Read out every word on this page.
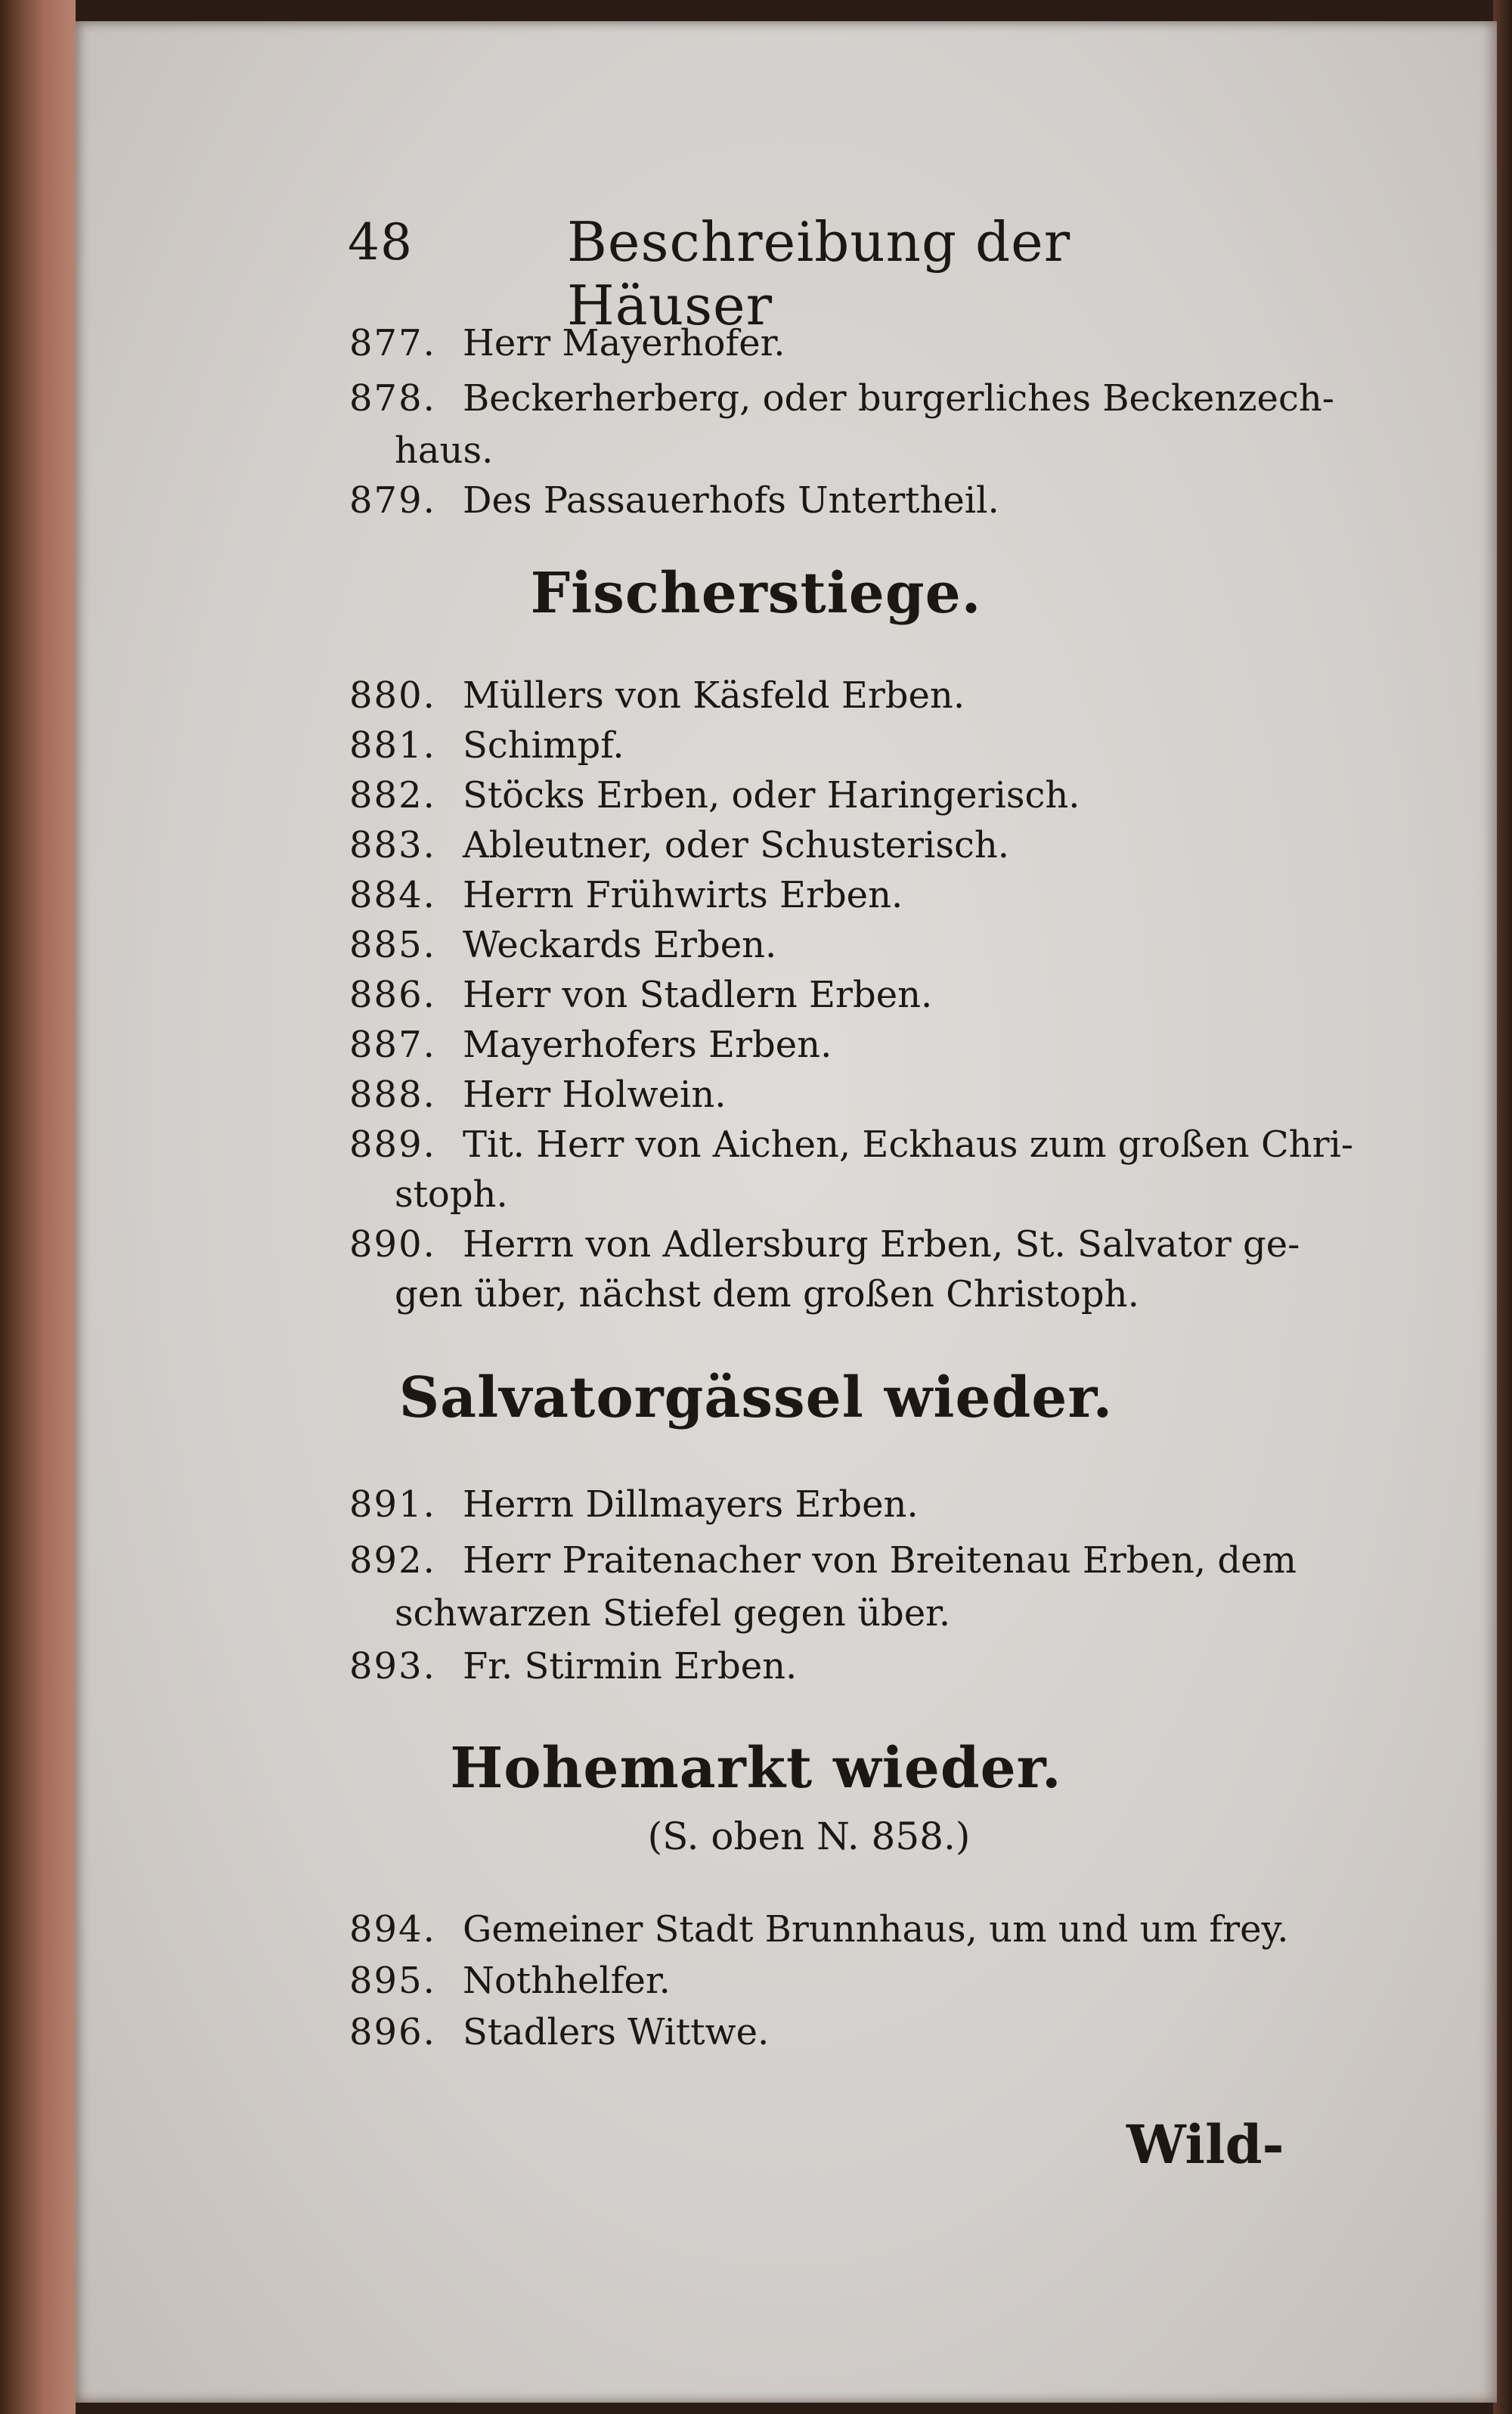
48	Beschreibung der Häuser
877. Herr Mayerhofer.
878. Beckerherberg, oder burgerliches Beckenzech-
haus.
879. Des Passauerhofs Untertheil.
Fischerstiege.
880. Müllers von Käsfeld Erben.
881. Schimpf.
882. Stöcks Erben, oder Haringerisch.
883. Ableutner, oder Schusterisch.
884. Herrn Frühwirts Erben.
885. Weckards Erben.
886. Herr von Stadlern Erben.
887. Mayerhofers Erben.
888. Herr Holwein.
889. Tit. Herr von Aichen, Eckhaus zum großen Chri-
stoph.
890. Herrn von Adlersburg Erben, St. Salvator ge-
gen über, nächst dem großen Christoph.
Salvatorgässel wieder.
891. Herrn Dillmayers Erben.
892. Herr Praitenacher von Breitenau Erben, dem
schwarzen Stiefel gegen über.
893. Fr. Stirmin Erben.
Hohemarkt wieder.
(S. oben N. 858.)
894. Gemeiner Stadt Brunnhaus, um und um frey.
895. Nothhelfer.
896. Stadlers Wittwe.
Wild-
